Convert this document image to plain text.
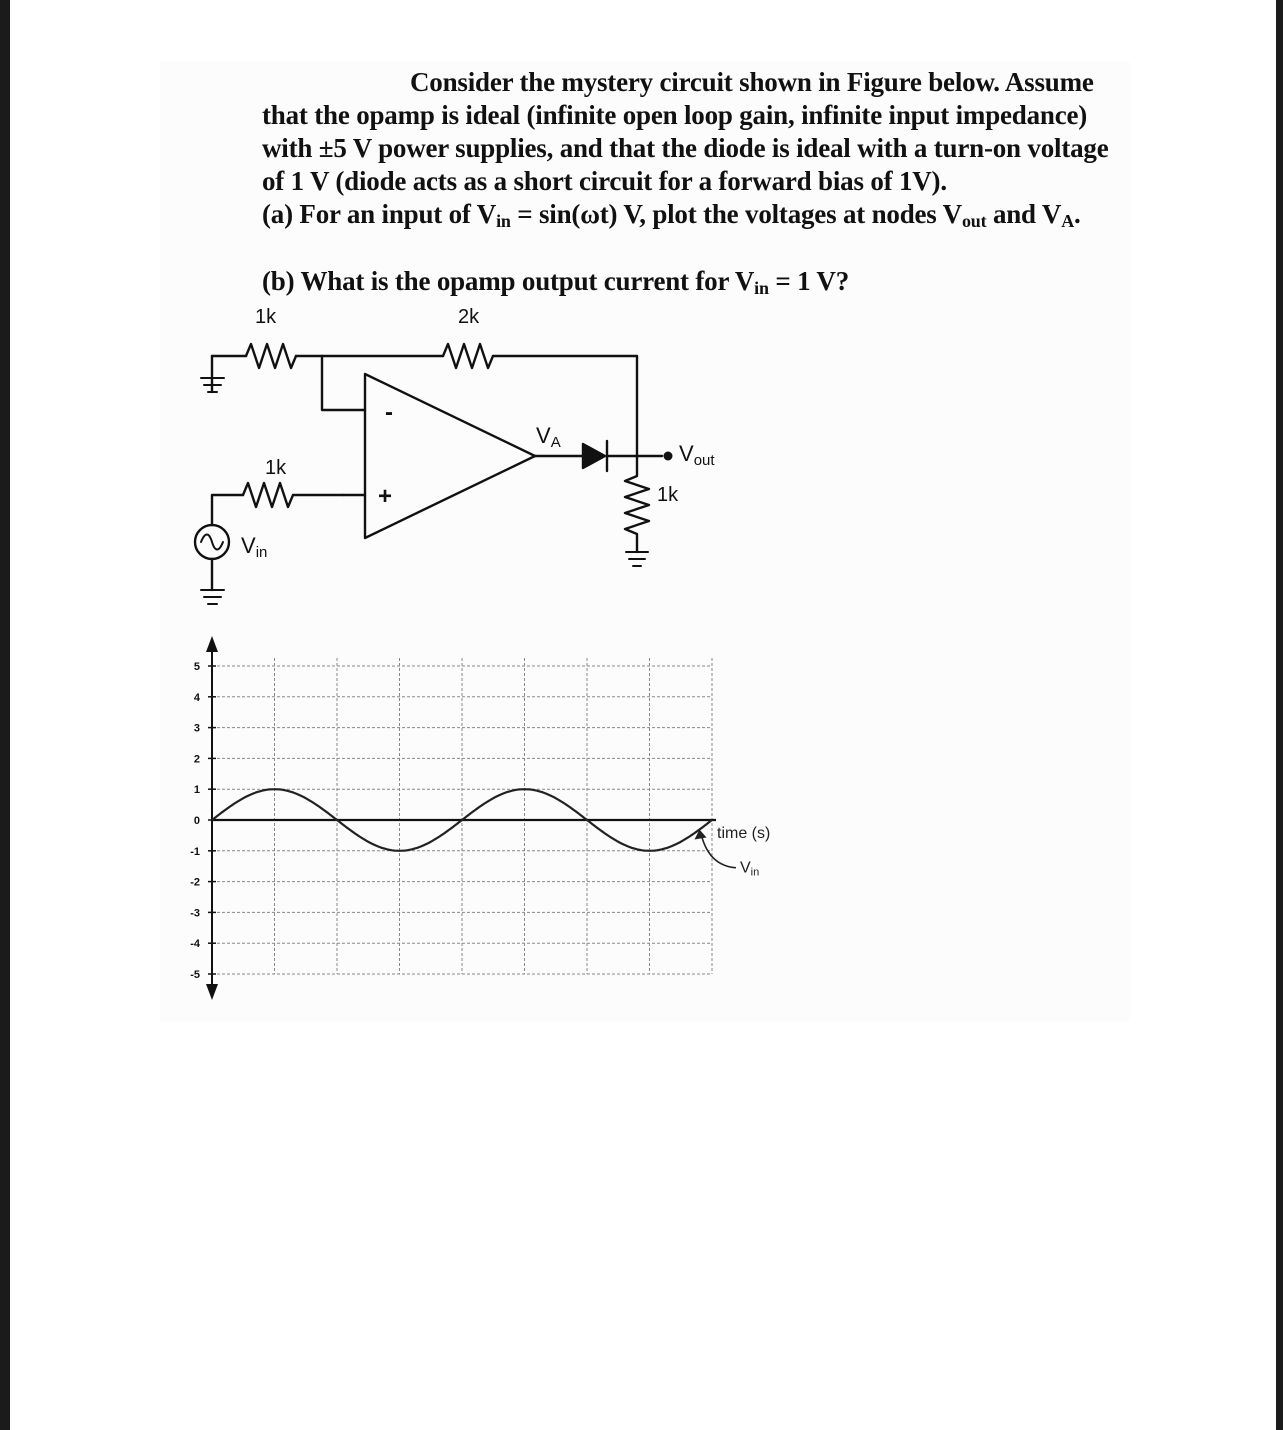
Consider the mystery circuit shown in Figure below. Assume
that the opamp is ideal (infinite open loop gain, infinite input impedance)
with ±5 V power supplies, and that the diode is ideal with a turn-on voltage
of 1 V (diode acts as a short circuit for a forward bias of 1V).
(a) For an input of $V_{in} = \sin(\omega t)$ V, plot the voltages at nodes $V_{out}$ and $V_A$.
(b) What is the opamp output current for $V_{in} = 1$ V?
1k	2k
1k
1k
-
+
VA	Vout
Vin
5
4
3
2
1
0
-1
-2
-3
-4
-5
time (s)
Vin
